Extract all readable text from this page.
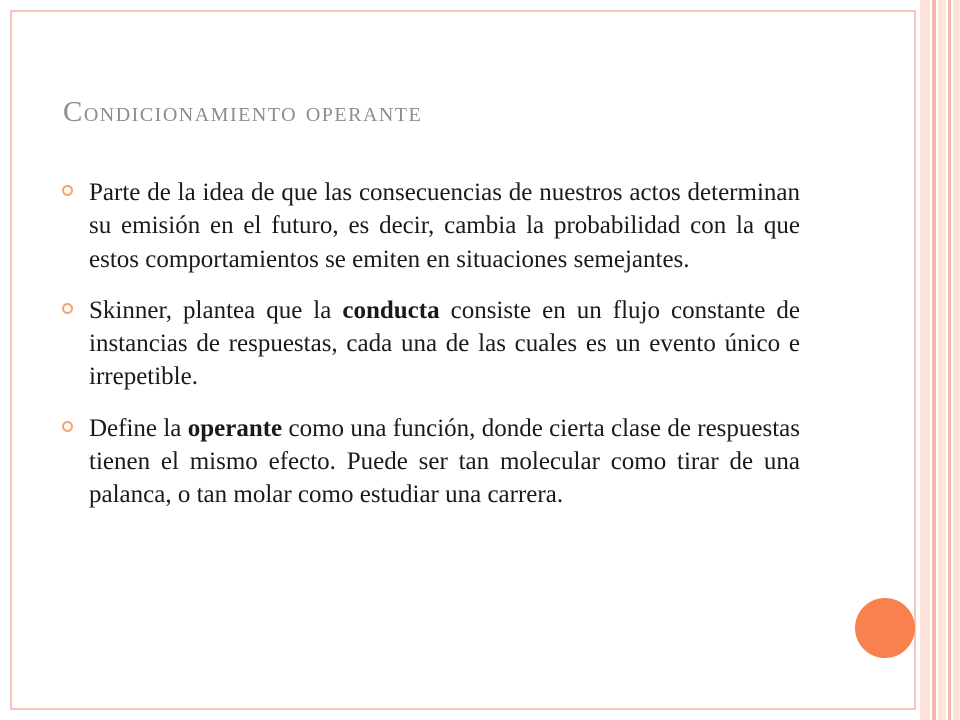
Condicionamiento operante

Parte de la idea de que las consecuencias de nuestros actos determinan su emisión en el futuro, es decir, cambia la probabilidad con la que estos comportamientos se emiten en situaciones semejantes.

Skinner, plantea que la conducta consiste en un flujo constante de instancias de respuestas, cada una de las cuales es un evento único e irrepetible.

Define la operante como una función, donde cierta clase de respuestas tienen el mismo efecto. Puede ser tan molecular como tirar de una palanca, o tan molar como estudiar una carrera.
